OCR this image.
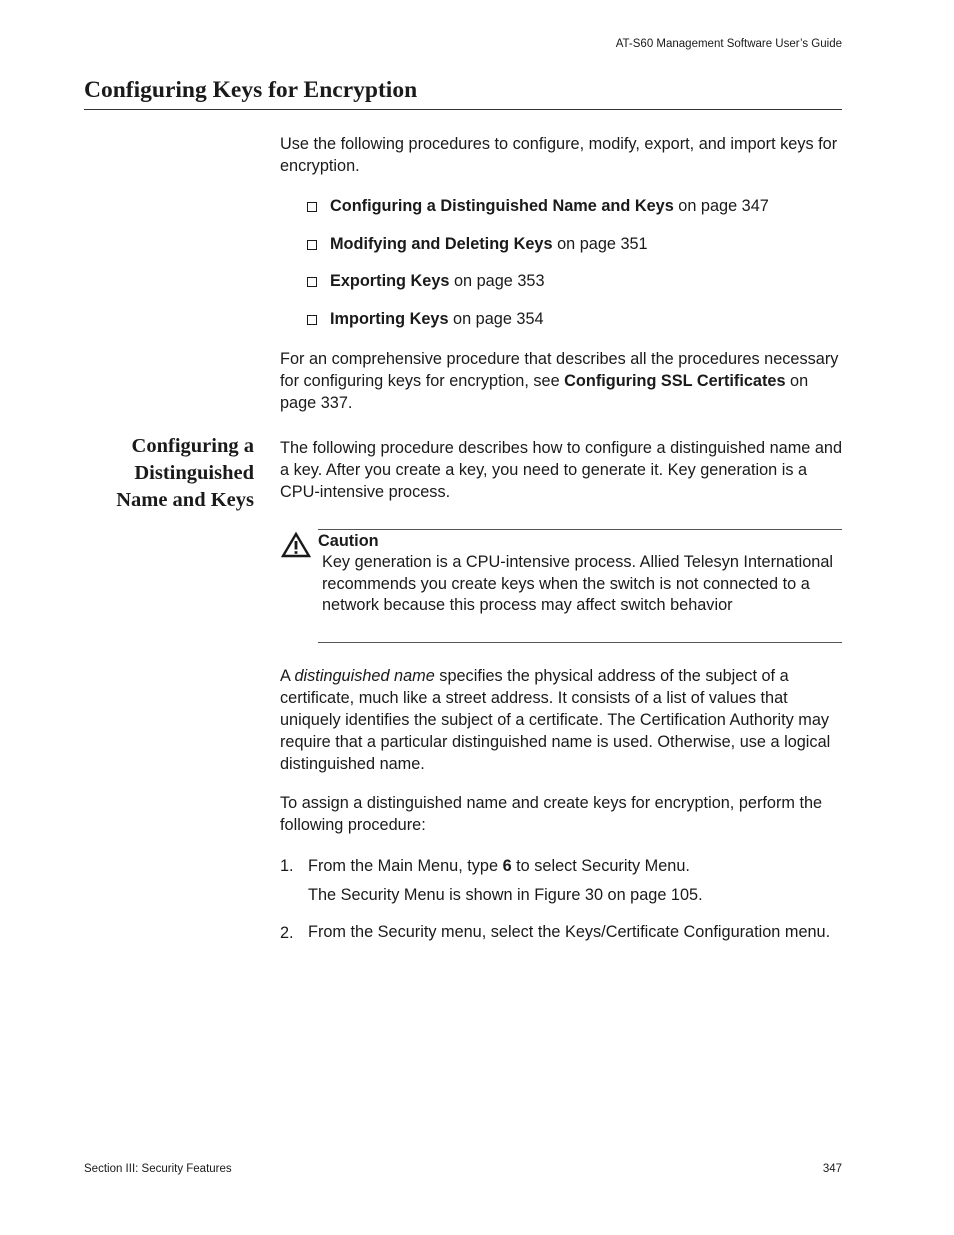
AT-S60 Management Software User’s Guide
Configuring Keys for Encryption
Use the following procedures to configure, modify, export, and import keys for encryption.
Configuring a Distinguished Name and Keys on page 347
Modifying and Deleting Keys on page 351
Exporting Keys on page 353
Importing Keys on page 354
For an comprehensive procedure that describes all the procedures necessary for configuring keys for encryption, see Configuring SSL Certificates on page 337.
Configuring a
Distinguished
Name and Keys
The following procedure describes how to configure a distinguished name and a key. After you create a key, you need to generate it. Key generation is a CPU-intensive process.
Caution
Key generation is a CPU-intensive process. Allied Telesyn International recommends you create keys when the switch is not connected to a network because this process may affect switch behavior
A distinguished name specifies the physical address of the subject of a certificate, much like a street address. It consists of a list of values that uniquely identifies the subject of a certificate. The Certification Authority may require that a particular distinguished name is used. Otherwise, use a logical distinguished name.
To assign a distinguished name and create keys for encryption, perform the following procedure:
1. From the Main Menu, type 6 to select Security Menu.
The Security Menu is shown in Figure 30 on page 105.
2. From the Security menu, select the Keys/Certificate Configuration menu.
Section III: Security Features	347
